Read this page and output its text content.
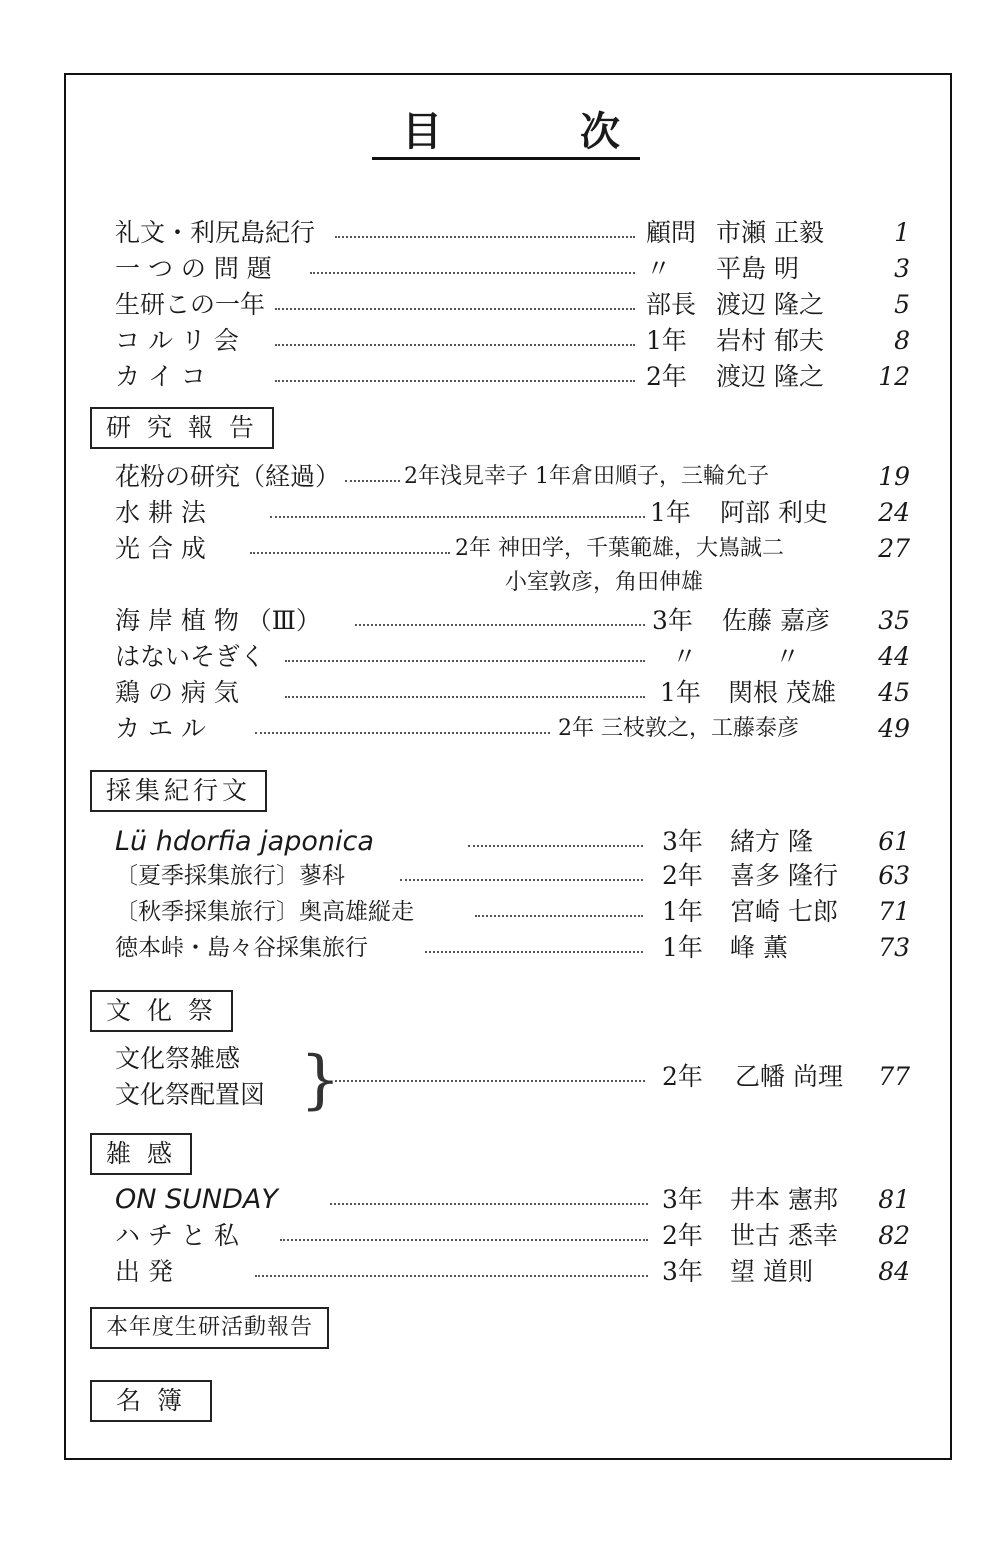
目	次
礼文・利尻島紀行	顧問 市瀬 正毅	1
一 つ の 問 題	〃 平島 明	3
生研この一年	部長 渡辺 隆之	5
コ ル リ 会	1年 岩村 郁夫	8
カ イ コ	2年 渡辺 隆之 12
研 究 報 告
花粉の研究（経過）	2年浅見幸子 1年倉田順子，三輪允子	19
水 耕 法	1年 阿部 利史 24
光 合 成	2年 神田学，千葉範雄，大嶌誠二	27
小室敦彦，角田伸雄
海 岸 植 物 （Ⅲ）	3年 佐藤 嘉彦 35
はないそぎく	〃	〃	44
鶏 の 病 気	1年 関根 茂雄 45
カ エ ル	2年 三枝敦之，工藤泰彦	49
採集紀行文
Lü hdorfia japonica	3年 緒方 隆	61
〔夏季採集旅行〕蓼科	2年 喜多 隆行 63
〔秋季採集旅行〕奥高雄縦走	1年 宮崎 七郎 71
徳本峠・島々谷採集旅行	1年 峰 薫	73
文 化 祭
文化祭雑感
文化祭配置図 }	2年 乙幡 尚理 77
雑 感
ON SUNDAY	3年 井本 憲邦 81
ハ チ と 私	2年 世古 悉幸 82
出 発	3年 望 道則	84
本年度生研活動報告
名 簿
